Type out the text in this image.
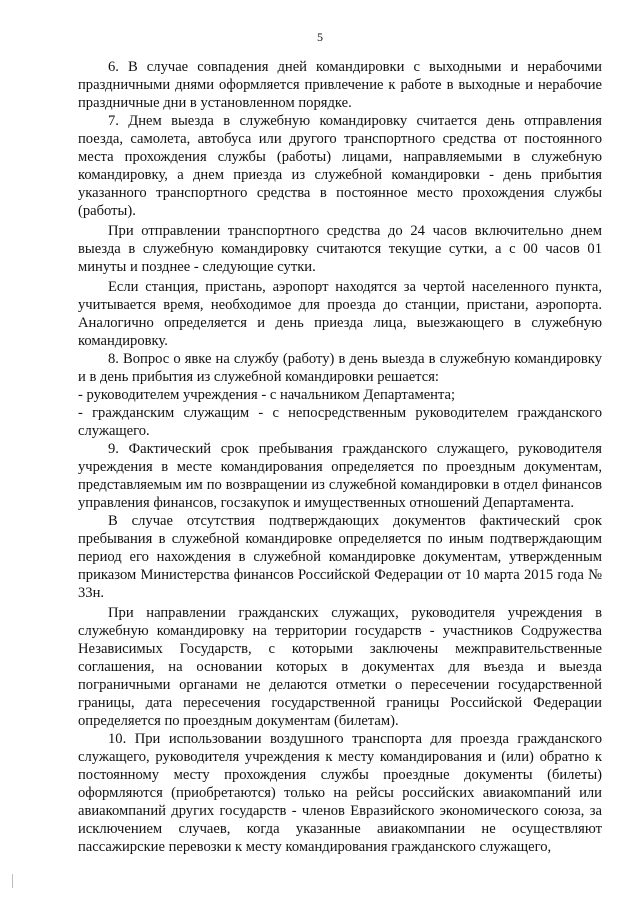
5

6. В случае совпадения дней командировки с выходными и нерабочими праздничными днями оформляется привлечение к работе в выходные и нерабочие праздничные дни в установленном порядке.

7. Днем выезда в служебную командировку считается день отправления поезда, самолета, автобуса или другого транспортного средства от постоянного места прохождения службы (работы) лицами, направляемыми в служебную командировку, а днем приезда из служебной командировки - день прибытия указанного транспортного средства в постоянное место прохождения службы (работы).

При отправлении транспортного средства до 24 часов включительно днем выезда в служебную командировку считаются текущие сутки, а с 00 часов 01 минуты и позднее - следующие сутки.

Если станция, пристань, аэропорт находятся за чертой населенного пункта, учитывается время, необходимое для проезда до станции, пристани, аэропорта. Аналогично определяется и день приезда лица, выезжающего в служебную командировку.

8. Вопрос о явке на службу (работу) в день выезда в служебную командировку и в день прибытия из служебной командировки решается:

- руководителем учреждения - с начальником Департамента;

- гражданским служащим - с непосредственным руководителем гражданского служащего.

9. Фактический срок пребывания гражданского служащего, руководителя учреждения в месте командирования определяется по проездным документам, представляемым им по возвращении из служебной командировки в отдел финансов управления финансов, госзакупок и имущественных отношений Департамента.

В случае отсутствия подтверждающих документов фактический срок пребывания в служебной командировке определяется по иным подтверждающим период его нахождения в служебной командировке документам, утвержденным приказом Министерства финансов Российской Федерации от 10 марта 2015 года № 33н.

При направлении гражданских служащих, руководителя учреждения в служебную командировку на территории государств - участников Содружества Независимых Государств, с которыми заключены межправительственные соглашения, на основании которых в документах для въезда и выезда пограничными органами не делаются отметки о пересечении государственной границы, дата пересечения государственной границы Российской Федерации определяется по проездным документам (билетам).

10. При использовании воздушного транспорта для проезда гражданского служащего, руководителя учреждения к месту командирования и (или) обратно к постоянному месту прохождения службы проездные документы (билеты) оформляются (приобретаются) только на рейсы российских авиакомпаний или авиакомпаний других государств - членов Евразийского экономического союза, за исключением случаев, когда указанные авиакомпании не осуществляют пассажирские перевозки к месту командирования гражданского служащего,
